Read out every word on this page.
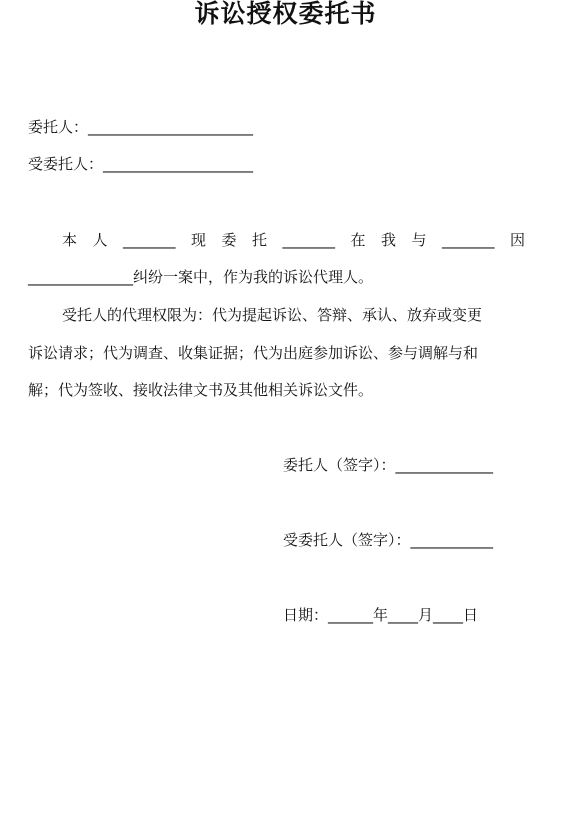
诉讼授权委托书
委托人：______________________
受委托人：____________________
本 人 _______ 现 委 托 _______ 在 我 与 _______ 因
______________纠纷一案中，作为我的诉讼代理人。
受托人的代理权限为：代为提起诉讼、答辩、承认、放弃或变更
诉讼请求；代为调查、收集证据；代为出庭参加诉讼、参与调解与和
解；代为签收、接收法律文书及其他相关诉讼文件。
委托人（签字）：_____________
受委托人（签字）：___________
日期：______年____月____日
